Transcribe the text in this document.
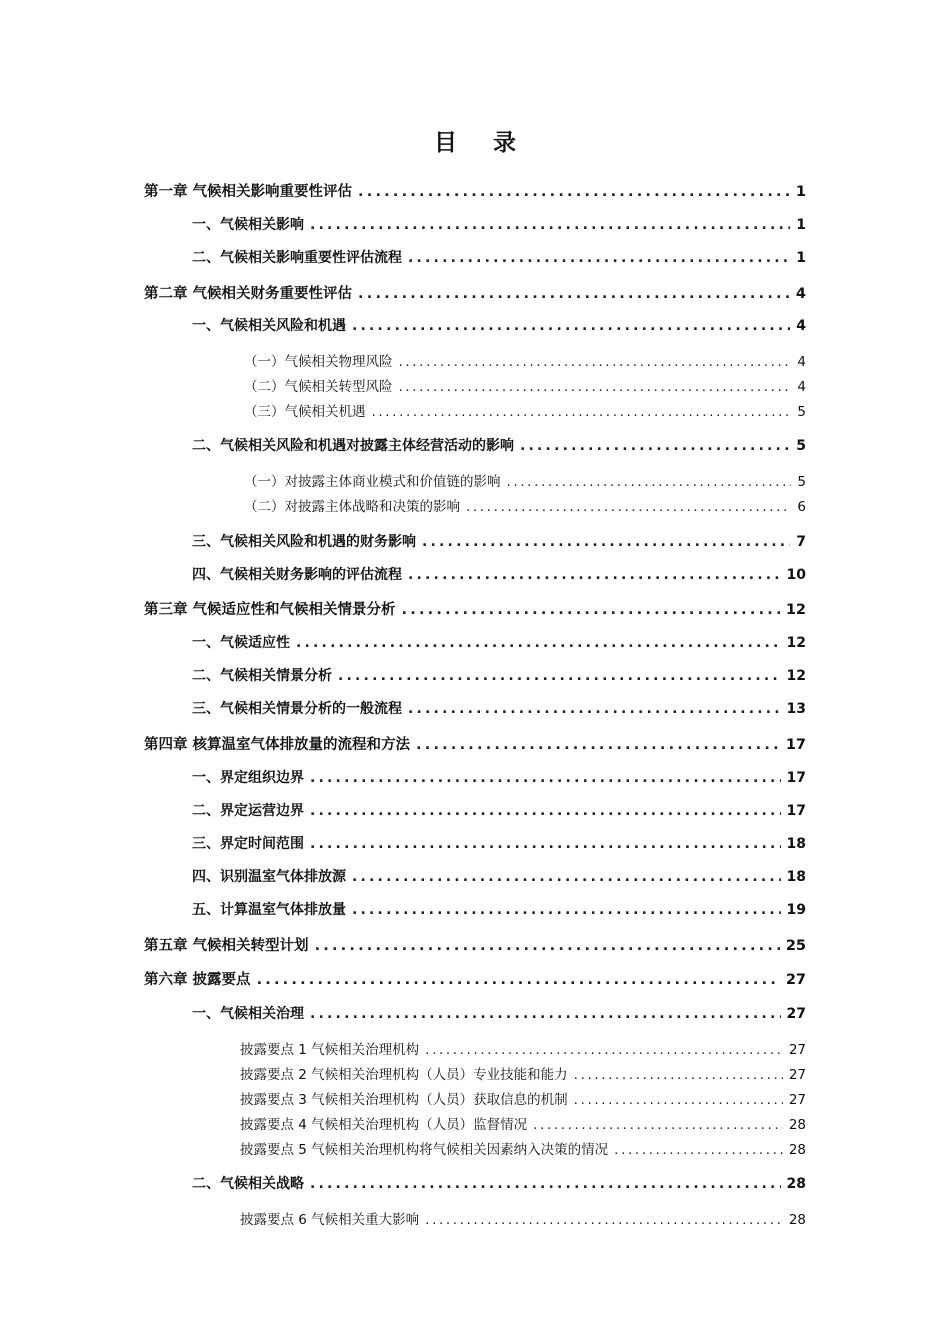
目 录
第一章 气候相关影响重要性评估 .....	1
一、气候相关影响 .....	1
二、气候相关影响重要性评估流程 .....	1
第二章 气候相关财务重要性评估 .....	4
一、气候相关风险和机遇 .....	4
（一）气候相关物理风险 .....	4
（二）气候相关转型风险 .....	4
（三）气候相关机遇 .....	5
二、气候相关风险和机遇对披露主体经营活动的影响 .....	5
（一）对披露主体商业模式和价值链的影响 .....	5
（二）对披露主体战略和决策的影响 .....	6
三、气候相关风险和机遇的财务影响 .....	7
四、气候相关财务影响的评估流程 .....	10
第三章 气候适应性和气候相关情景分析 .....	12
一、气候适应性 .....	12
二、气候相关情景分析 .....	12
三、气候相关情景分析的一般流程 .....	13
第四章 核算温室气体排放量的流程和方法 .....	17
一、界定组织边界 .....	17
二、界定运营边界 .....	17
三、界定时间范围 .....	18
四、识别温室气体排放源 .....	18
五、计算温室气体排放量 .....	19
第五章 气候相关转型计划 .....	25
第六章 披露要点 .....	27
一、气候相关治理 .....	27
披露要点 1 气候相关治理机构 .....	27
披露要点 2 气候相关治理机构（人员）专业技能和能力 .....	27
披露要点 3 气候相关治理机构（人员）获取信息的机制 .....	27
披露要点 4 气候相关治理机构（人员）监督情况 .....	28
披露要点 5 气候相关治理机构将气候相关因素纳入决策的情况 .....	28
二、气候相关战略 .....	28
披露要点 6 气候相关重大影响 .....	28
